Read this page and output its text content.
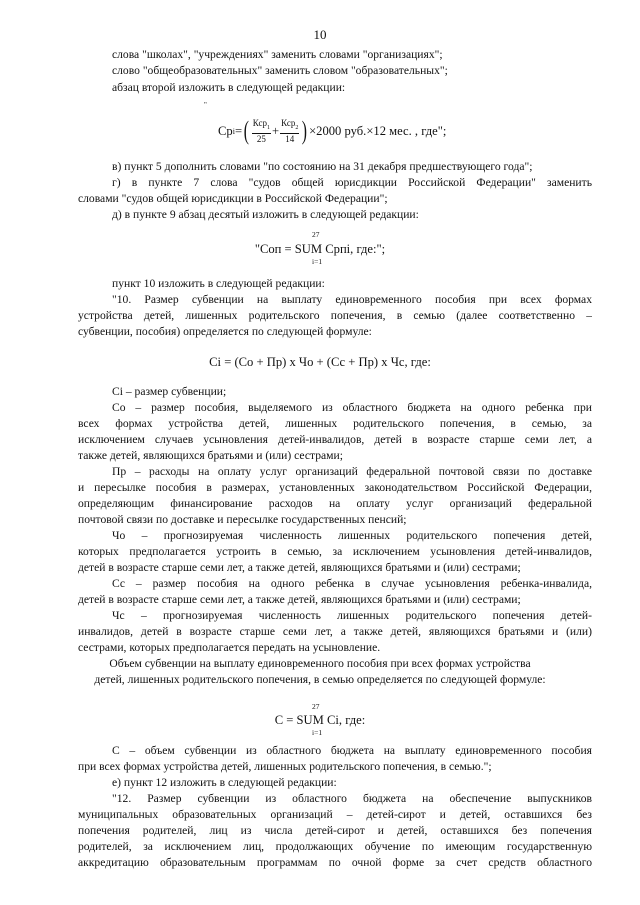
10
слова "школах", "учреждениях" заменить словами "организациях";
слово "общеобразовательных" заменить словом "образовательных";
абзац второй изложить в следующей редакции:
"
Ср i = ( $\frac{Кср_1}{25} + \frac{Кср_2}{14}$ ) ×2000 руб.×12 мес. , где";
в) пункт 5 дополнить словами "по состоянию на 31 декабря предшествующего года";
г) в пункте 7 слова "судов общей юрисдикции Российской Федерации" заменить
словами "судов общей юрисдикции в Российской Федерации";
д) в пункте 9 абзац десятый изложить в следующей редакции:
27
"Соп = SUM Српi, где:";
i=1
пункт 10 изложить в следующей редакции:
"10. Размер субвенции на выплату единовременного пособия при всех формах
устройства детей, лишенных родительского попечения, в семью (далее соответственно –
субвенции, пособия) определяется по следующей формуле:
Сi = (Со + Пр) х Чо + (Сс + Пр) х Чс, где:
Сi – размер субвенции;
Со – размер пособия, выделяемого из областного бюджета на одного ребенка при
всех формах устройства детей, лишенных родительского попечения, в семью, за
исключением случаев усыновления детей-инвалидов, детей в возрасте старше семи лет, а
также детей, являющихся братьями и (или) сестрами;
Пр – расходы на оплату услуг организаций федеральной почтовой связи по доставке
и пересылке пособия в размерах, установленных законодательством Российской Федерации,
определяющим финансирование расходов на оплату услуг организаций федеральной
почтовой связи по доставке и пересылке государственных пенсий;
Чо – прогнозируемая численность лишенных родительского попечения детей,
которых предполагается устроить в семью, за исключением усыновления детей-инвалидов,
детей в возрасте старше семи лет, а также детей, являющихся братьями и (или) сестрами;
Сс – размер пособия на одного ребенка в случае усыновления ребенка-инвалида,
детей в возрасте старше семи лет, а также детей, являющихся братьями и (или) сестрами;
Чс – прогнозируемая численность лишенных родительского попечения детей-
инвалидов, детей в возрасте старше семи лет, а также детей, являющихся братьями и (или)
сестрами, которых предполагается передать на усыновление.
Объем субвенции на выплату единовременного пособия при всех формах устройства
детей, лишенных родительского попечения, в семью определяется по следующей формуле:
27
С = SUM Сi, где:
i=1
С – объем субвенции из областного бюджета на выплату единовременного пособия
при всех формах устройства детей, лишенных родительского попечения, в семью.";
е) пункт 12 изложить в следующей редакции:
"12. Размер субвенции из областного бюджета на обеспечение выпускников
муниципальных образовательных организаций – детей-сирот и детей, оставшихся без
попечения родителей, лиц из числа детей-сирот и детей, оставшихся без попечения
родителей, за исключением лиц, продолжающих обучение по имеющим государственную
аккредитацию образовательным программам по очной форме за счет средств областного
